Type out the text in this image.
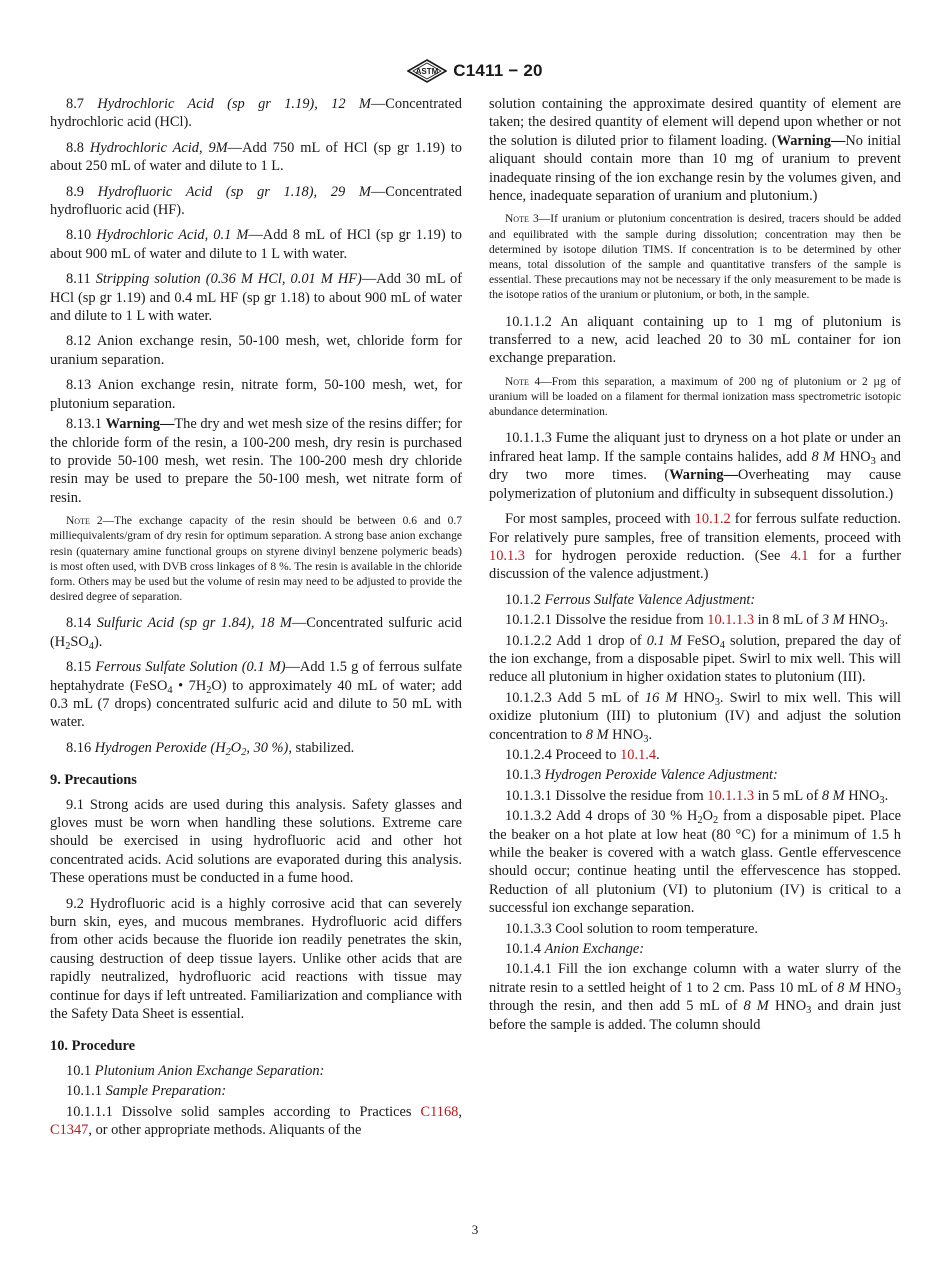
ASTM C1411 − 20
8.7 Hydrochloric Acid (sp gr 1.19), 12 M—Concentrated hydrochloric acid (HCl).
8.8 Hydrochloric Acid, 9M—Add 750 mL of HCl (sp gr 1.19) to about 250 mL of water and dilute to 1 L.
8.9 Hydrofluoric Acid (sp gr 1.18), 29 M—Concentrated hydrofluoric acid (HF).
8.10 Hydrochloric Acid, 0.1 M—Add 8 mL of HCl (sp gr 1.19) to about 900 mL of water and dilute to 1 L with water.
8.11 Stripping solution (0.36 M HCl, 0.01 M HF)—Add 30 mL of HCl (sp gr 1.19) and 0.4 mL HF (sp gr 1.18) to about 900 mL of water and dilute to 1 L with water.
8.12 Anion exchange resin, 50-100 mesh, wet, chloride form for uranium separation.
8.13 Anion exchange resin, nitrate form, 50-100 mesh, wet, for plutonium separation.
8.13.1 Warning—The dry and wet mesh size of the resins differ; for the chloride form of the resin, a 100-200 mesh, dry resin is purchased to provide 50-100 mesh, wet resin. The 100-200 mesh dry chloride resin may be used to prepare the 50-100 mesh, wet nitrate form of resin.
Note 2—The exchange capacity of the resin should be between 0.6 and 0.7 milliequivalents/gram of dry resin for optimum separation. A strong base anion exchange resin (quaternary amine functional groups on styrene divinyl benzene polymeric beads) is most often used, with DVB cross linkages of 8 %. The resin is available in the chloride form. Others may be used but the volume of resin may need to be adjusted to provide the desired degree of separation.
8.14 Sulfuric Acid (sp gr 1.84), 18 M—Concentrated sulfuric acid $(H_2SO_4)$.
8.15 Ferrous Sulfate Solution (0.1 M)—Add 1.5 g of ferrous sulfate heptahydrate (FeSO$_4$ • $7H_2O$) to approximately 40 mL of water; add 0.3 mL (7 drops) concentrated sulfuric acid and dilute to 50 mL with water.
8.16 Hydrogen Peroxide ($H_2O_2$, 30 %), stabilized.
9. Precautions
9.1 Strong acids are used during this analysis. Safety glasses and gloves must be worn when handling these solutions. Extreme care should be exercised in using hydrofluoric acid and other hot concentrated acids. Acid solutions are evaporated during this analysis. These operations must be conducted in a fume hood.
9.2 Hydrofluoric acid is a highly corrosive acid that can severely burn skin, eyes, and mucous membranes. Hydrofluoric acid differs from other acids because the fluoride ion readily penetrates the skin, causing destruction of deep tissue layers. Unlike other acids that are rapidly neutralized, hydrofluoric acid reactions with tissue may continue for days if left untreated. Familiarization and compliance with the Safety Data Sheet is essential.
10. Procedure
10.1 Plutonium Anion Exchange Separation:
10.1.1 Sample Preparation:
10.1.1.1 Dissolve solid samples according to Practices C1168, C1347, or other appropriate methods. Aliquants of the
solution containing the approximate desired quantity of element are taken; the desired quantity of element will depend upon whether or not the solution is diluted prior to filament loading. (Warning—No initial aliquant should contain more than 10 mg of uranium to prevent inadequate rinsing of the ion exchange resin by the volumes given, and hence, inadequate separation of uranium and plutonium.)
Note 3—If uranium or plutonium concentration is desired, tracers should be added and equilibrated with the sample during dissolution; concentration may then be determined by isotope dilution TIMS. If concentration is to be determined by other means, total dissolution of the sample and quantitative transfers of the sample is essential. These precautions may not be necessary if the only measurement to be made is the isotope ratios of the uranium or plutonium, or both, in the sample.
10.1.1.2 An aliquant containing up to 1 mg of plutonium is transferred to a new, acid leached 20 to 30 mL container for ion exchange preparation.
Note 4—From this separation, a maximum of 200 ng of plutonium or 2 µg of uranium will be loaded on a filament for thermal ionization mass spectrometric isotopic abundance determination.
10.1.1.3 Fume the aliquant just to dryness on a hot plate or under an infrared heat lamp. If the sample contains halides, add 8 M $HNO_3$ and dry two more times. (Warning—Overheating may cause polymerization of plutonium and difficulty in subsequent dissolution.)
For most samples, proceed with 10.1.2 for ferrous sulfate reduction. For relatively pure samples, free of transition elements, proceed with 10.1.3 for hydrogen peroxide reduction. (See 4.1 for a further discussion of the valence adjustment.)
10.1.2 Ferrous Sulfate Valence Adjustment:
10.1.2.1 Dissolve the residue from 10.1.1.3 in 8 mL of 3 M $HNO_3$.
10.1.2.2 Add 1 drop of 0.1 M FeSO$_4$ solution, prepared the day of the ion exchange, from a disposable pipet. Swirl to mix well. This will reduce all plutonium in higher oxidation states to plutonium (III).
10.1.2.3 Add 5 mL of 16 M $HNO_3$. Swirl to mix well. This will oxidize plutonium (III) to plutonium (IV) and adjust the solution concentration to 8 M $HNO_3$.
10.1.2.4 Proceed to 10.1.4.
10.1.3 Hydrogen Peroxide Valence Adjustment:
10.1.3.1 Dissolve the residue from 10.1.1.3 in 5 mL of 8 M $HNO_3$.
10.1.3.2 Add 4 drops of 30 % $H_2O_2$ from a disposable pipet. Place the beaker on a hot plate at low heat (80 °C) for a minimum of 1.5 h while the beaker is covered with a watch glass. Gentle effervescence should occur; continue heating until the effervescence has stopped. Reduction of all plutonium (VI) to plutonium (IV) is critical to a successful ion exchange separation.
10.1.3.3 Cool solution to room temperature.
10.1.4 Anion Exchange:
10.1.4.1 Fill the ion exchange column with a water slurry of the nitrate resin to a settled height of 1 to 2 cm. Pass 10 mL of 8 M $HNO_3$ through the resin, and then add 5 mL of 8 M $HNO_3$ and drain just before the sample is added. The column should
3
